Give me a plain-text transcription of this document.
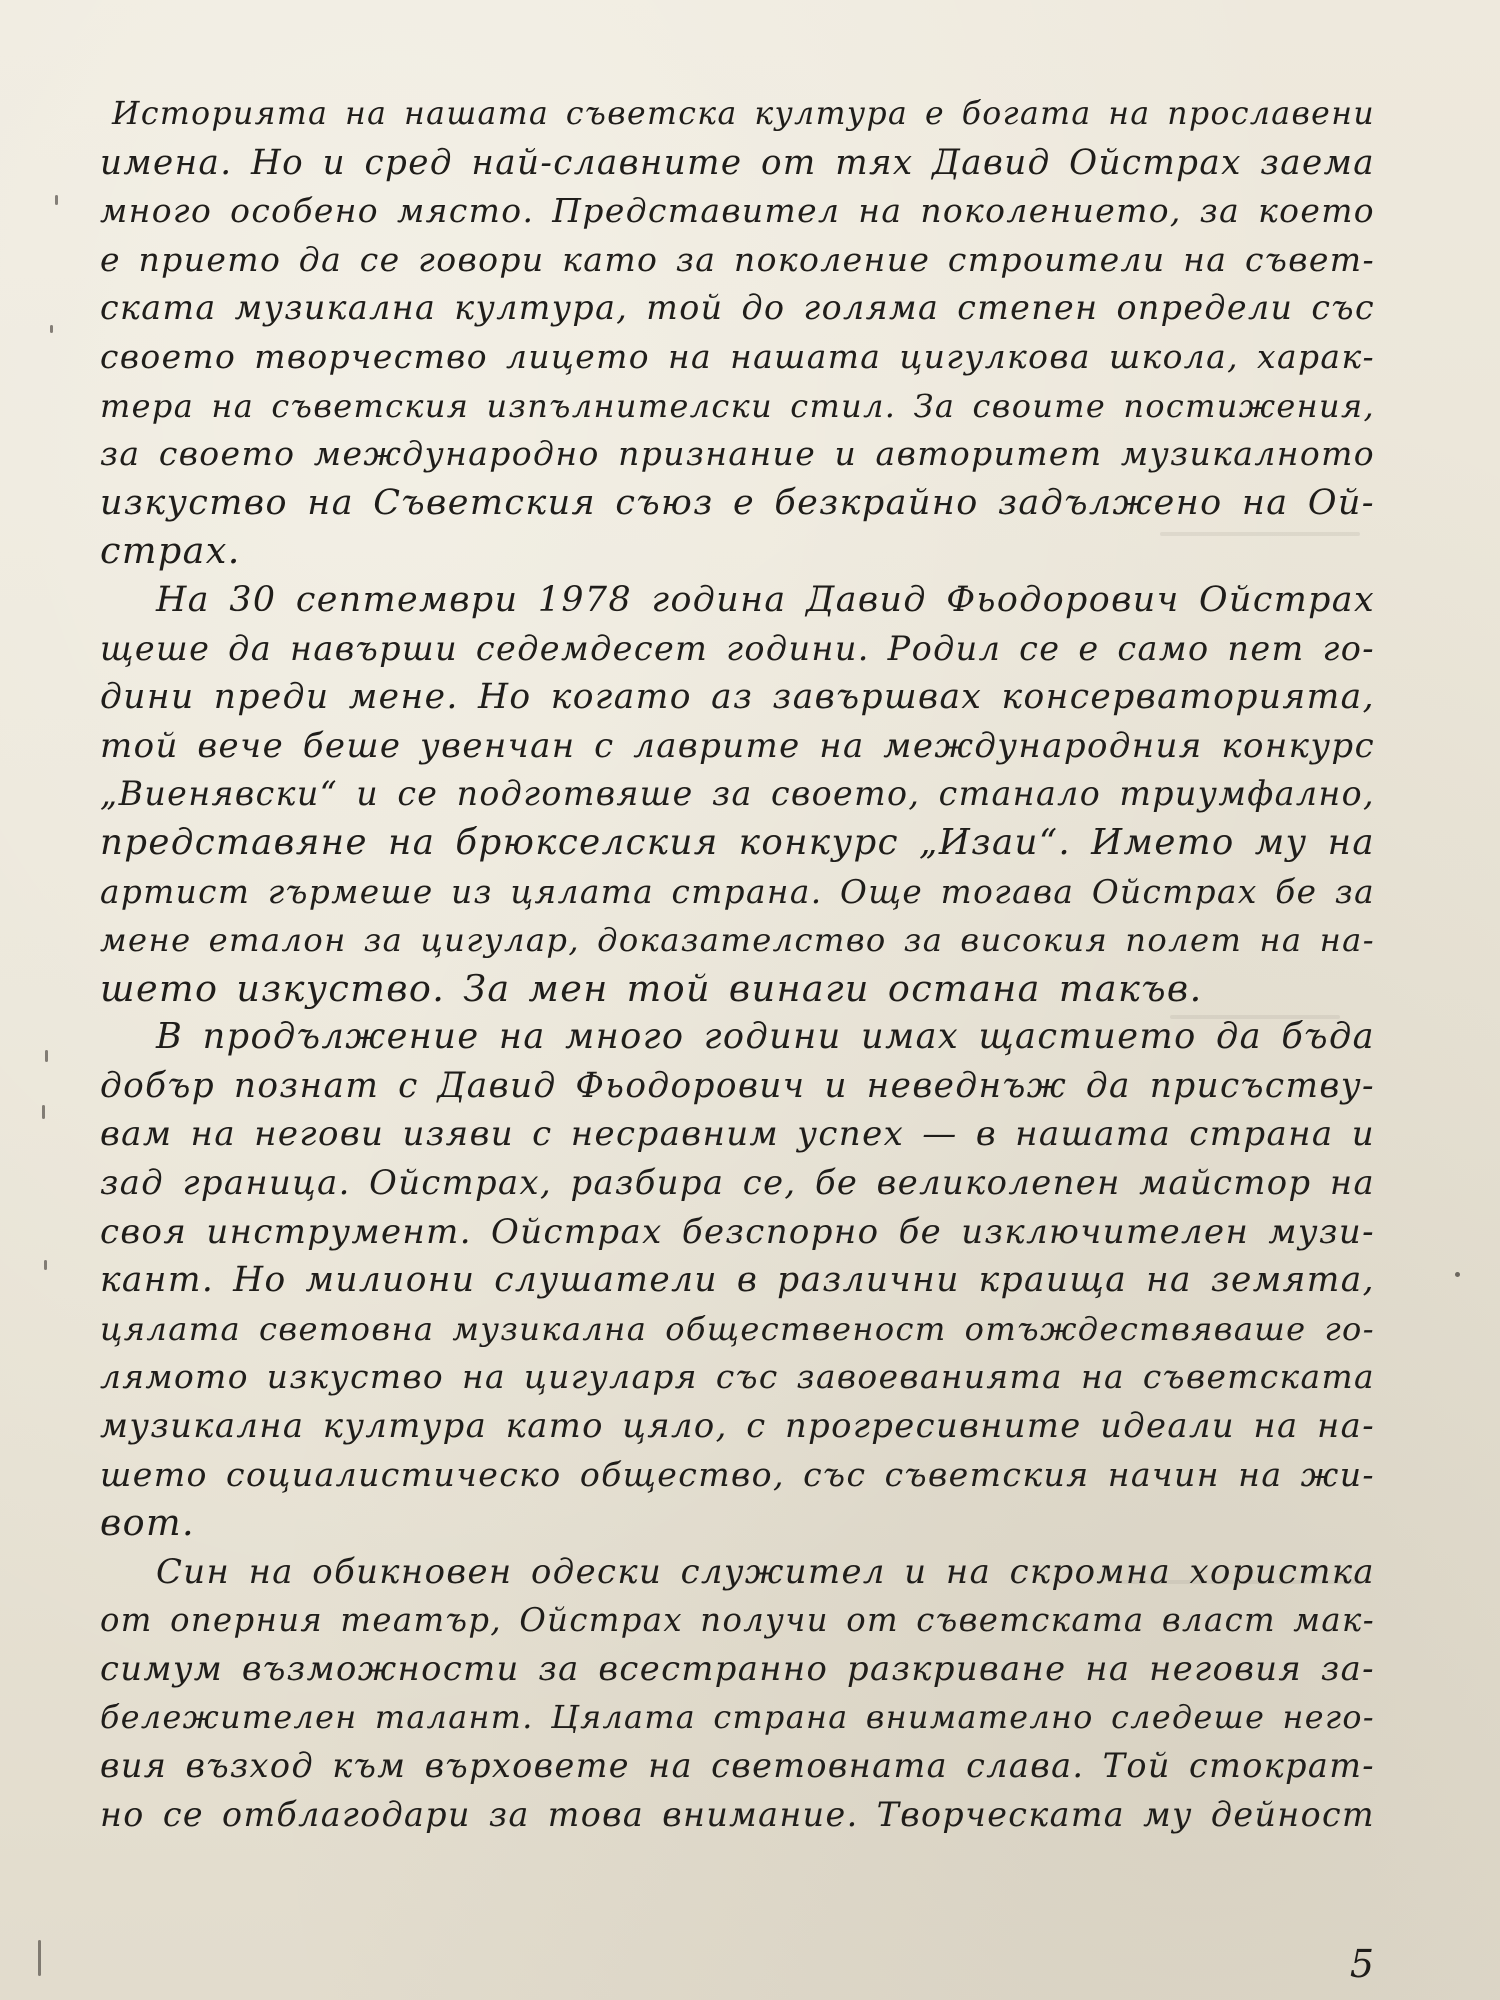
Историята на нашата съветска култура е богата на прославени
имена. Но и сред най-славните от тях Давид Ойстрах заема
много особено място. Представител на поколението, за което
е прието да се говори като за поколение строители на съвет-
ската музикална култура, той до голяма степен определи със
своето творчество лицето на нашата цигулкова школа, харак-
тера на съветския изпълнителски стил. За своите постижения,
за своето международно признание и авторитет музикалното
изкуство на Съветския съюз е безкрайно задължено на Ой-
страх.
На 30 септември 1978 година Давид Фьодорович Ойстрах
щеше да навърши седемдесет години. Родил се е само пет го-
дини преди мене. Но когато аз завършвах консерваторията,
той вече беше увенчан с лаврите на международния конкурс
„Виенявски“ и се подготвяше за своето, станало триумфално,
представяне на брюкселския конкурс „Изаи“. Името му на
артист гърмеше из цялата страна. Още тогава Ойстрах бе за
мене еталон за цигулар, доказателство за високия полет на на-
шето изкуство. За мен той винаги остана такъв.
В продължение на много години имах щастието да бъда
добър познат с Давид Фьодорович и неведнъж да присъству-
вам на негови изяви с несравним успех — в нашата страна и
зад граница. Ойстрах, разбира се, бе великолепен майстор на
своя инструмент. Ойстрах безспорно бе изключителен музи-
кант. Но милиони слушатели в различни краища на земята,
цялата световна музикална общественост отъждествяваше го-
лямото изкуство на цигуларя със завоеванията на съветската
музикална култура като цяло, с прогресивните идеали на на-
шето социалистическо общество, със съветския начин на жи-
вот.
Син на обикновен одески служител и на скромна хористка
от оперния театър, Ойстрах получи от съветската власт мак-
симум възможности за всестранно разкриване на неговия за-
бележителен талант. Цялата страна внимателно следеше него-
вия възход към върховете на световната слава. Той стократ-
но се отблагодари за това внимание. Творческата му дейност
5
